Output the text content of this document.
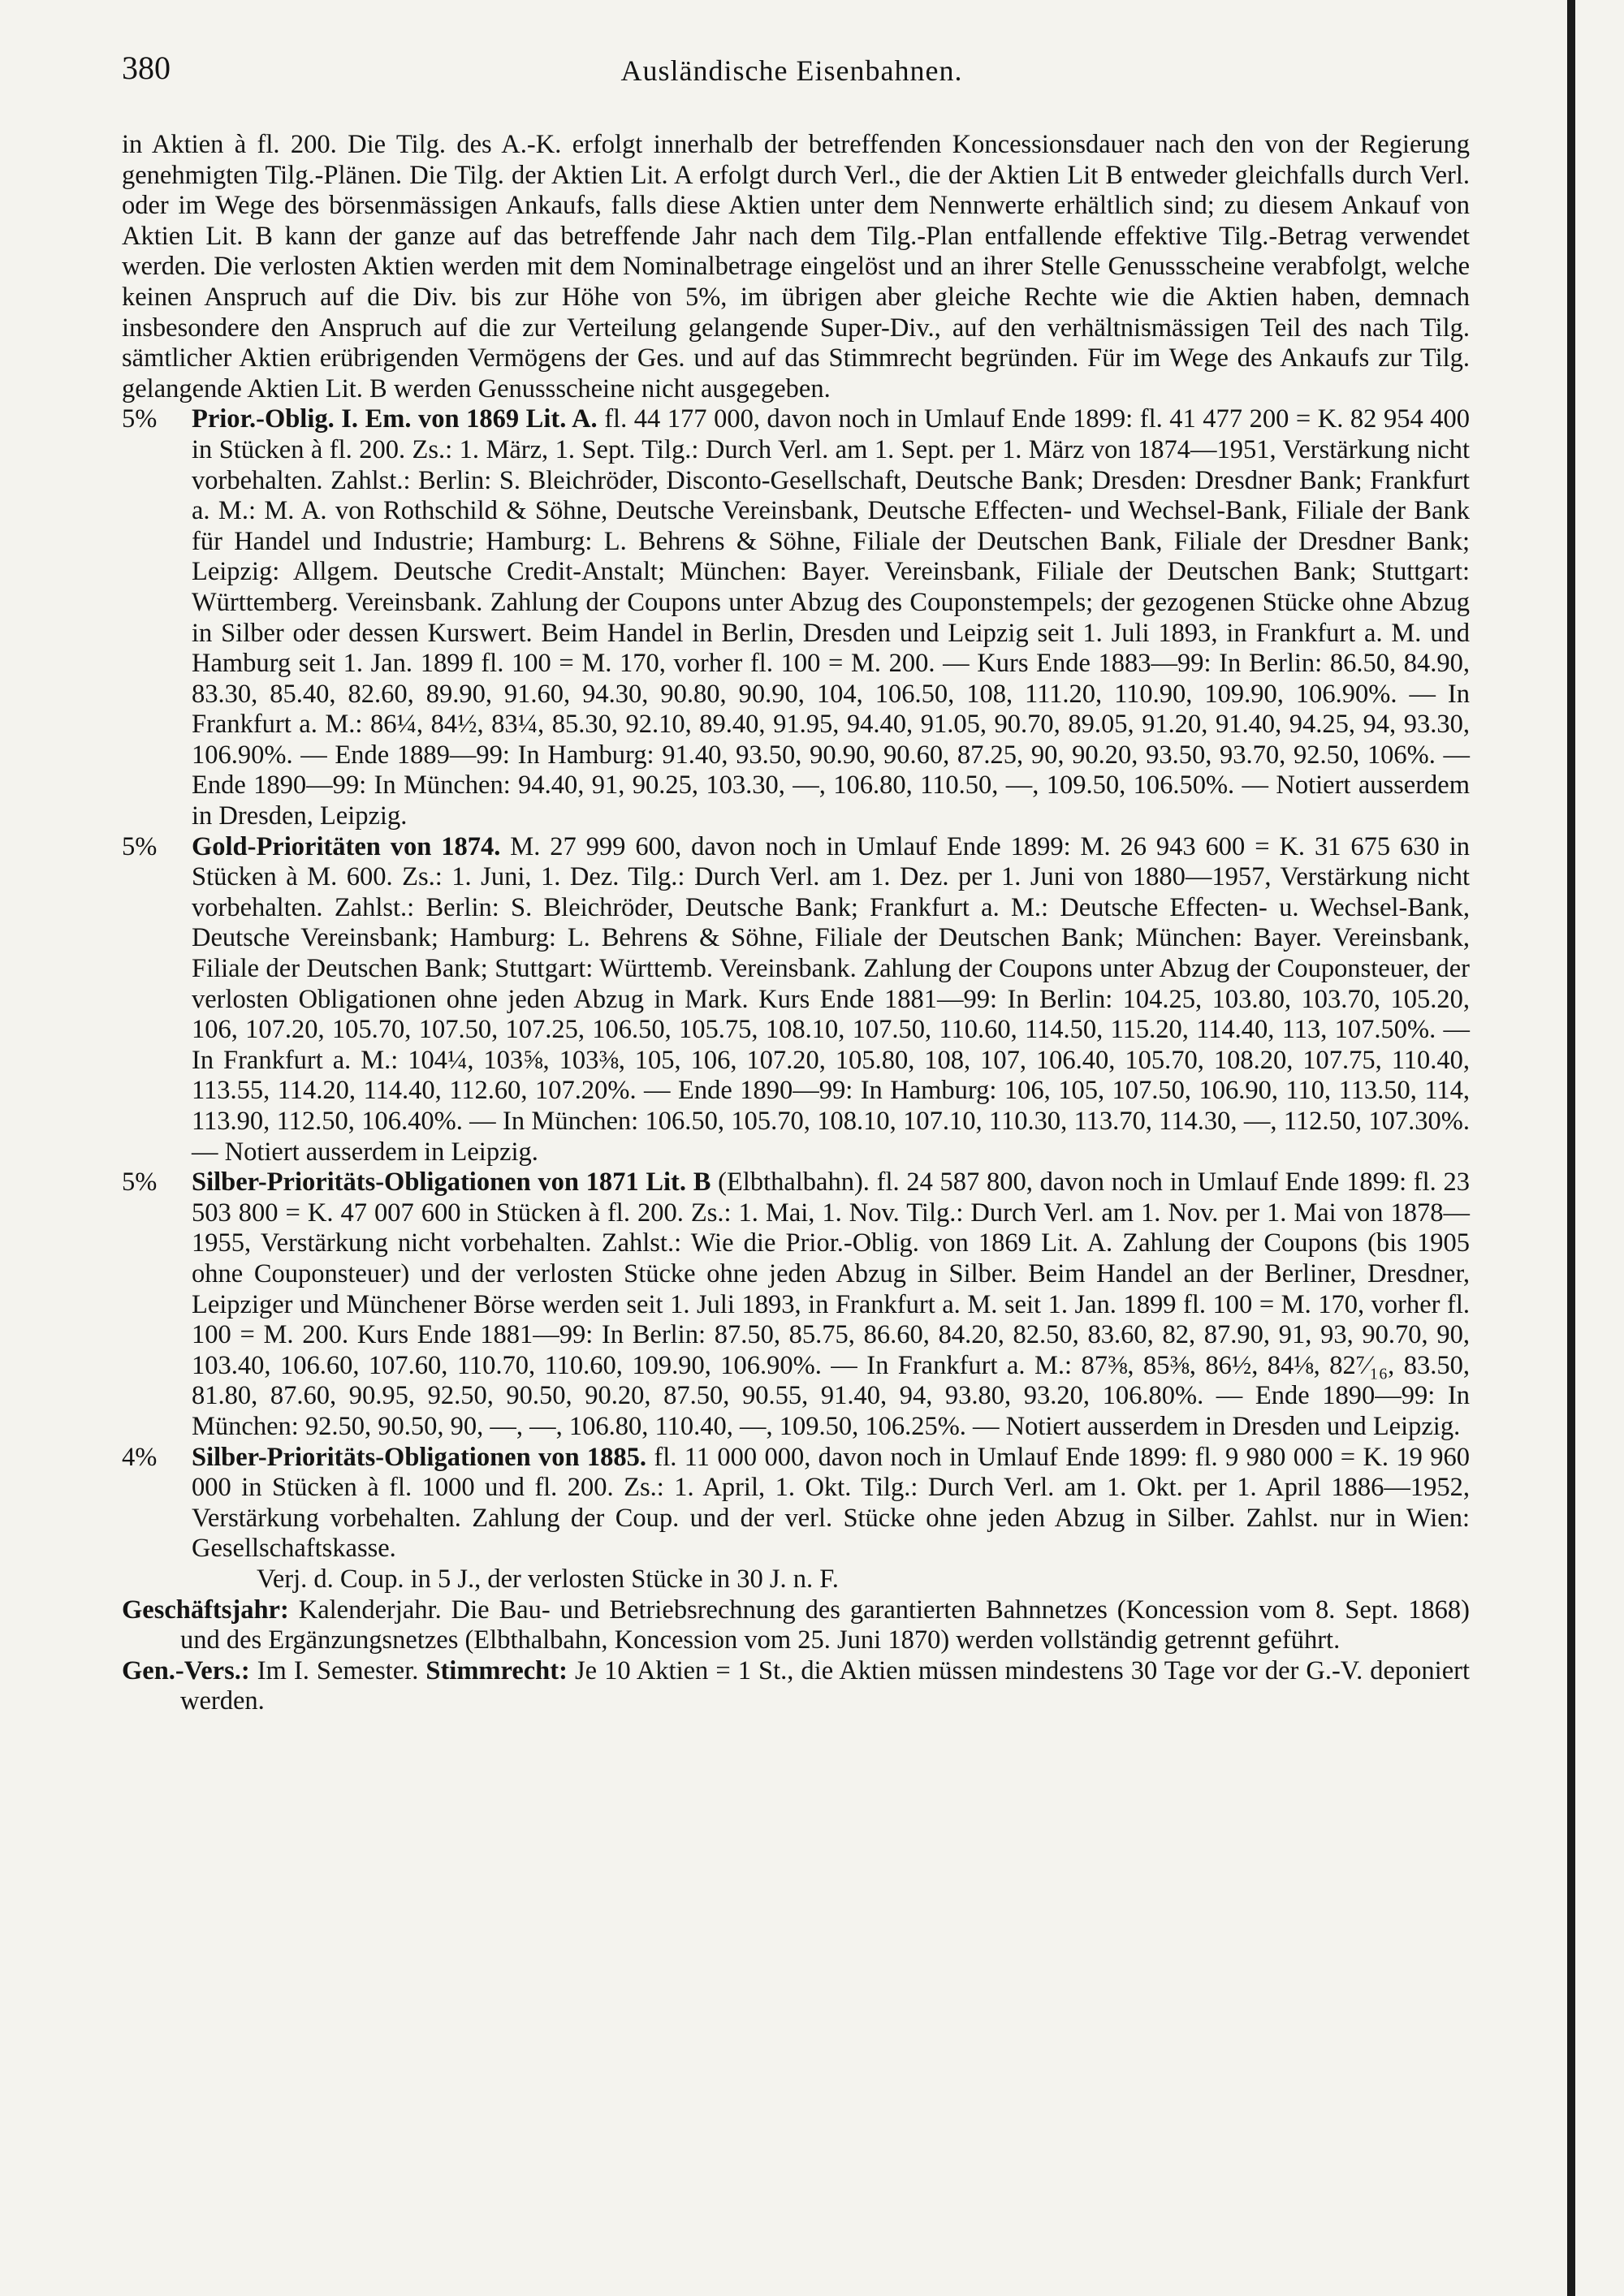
380	Ausländische Eisenbahnen.

in Aktien à fl. 200. Die Tilg. des A.-K. erfolgt innerhalb der betreffenden Koncessionsdauer nach den von der Regierung genehmigten Tilg.-Plänen. Die Tilg. der Aktien Lit. A erfolgt durch Verl., die der Aktien Lit B entweder gleichfalls durch Verl. oder im Wege des börsenmässigen Ankaufs, falls diese Aktien unter dem Nennwerte erhältlich sind; zu diesem Ankauf von Aktien Lit. B kann der ganze auf das betreffende Jahr nach dem Tilg.-Plan entfallende effektive Tilg.-Betrag verwendet werden. Die verlosten Aktien werden mit dem Nominalbetrage eingelöst und an ihrer Stelle Genussscheine verabfolgt, welche keinen Anspruch auf die Div. bis zur Höhe von 5%, im übrigen aber gleiche Rechte wie die Aktien haben, demnach insbesondere den Anspruch auf die zur Verteilung gelangende Super-Div., auf den verhältnismässigen Teil des nach Tilg. sämtlicher Aktien erübrigenden Vermögens der Ges. und auf das Stimmrecht begründen. Für im Wege des Ankaufs zur Tilg. gelangende Aktien Lit. B werden Genussscheine nicht ausgegeben.

5% Prior.-Oblig. I. Em. von 1869 Lit. A. fl. 44 177 000, davon noch in Umlauf Ende 1899: fl. 41 477 200 = K. 82 954 400 in Stücken à fl. 200. Zs.: 1. März, 1. Sept. Tilg.: Durch Verl. am 1. Sept. per 1. März von 1874—1951, Verstärkung nicht vorbehalten. Zahlst.: Berlin: S. Bleichröder, Disconto-Gesellschaft, Deutsche Bank; Dresden: Dresdner Bank; Frankfurt a. M.: M. A. von Rothschild & Söhne, Deutsche Vereinsbank, Deutsche Effecten- und Wechsel-Bank, Filiale der Bank für Handel und Industrie; Hamburg: L. Behrens & Söhne, Filiale der Deutschen Bank, Filiale der Dresdner Bank; Leipzig: Allgem. Deutsche Credit-Anstalt; München: Bayer. Vereinsbank, Filiale der Deutschen Bank; Stuttgart: Württemberg. Vereinsbank. Zahlung der Coupons unter Abzug des Couponstempels; der gezogenen Stücke ohne Abzug in Silber oder dessen Kurswert. Beim Handel in Berlin, Dresden und Leipzig seit 1. Juli 1893, in Frankfurt a. M. und Hamburg seit 1. Jan. 1899 fl. 100 = M. 170, vorher fl. 100 = M. 200. — Kurs Ende 1883—99: In Berlin: 86.50, 84.90, 83.30, 85.40, 82.60, 89.90, 91.60, 94.30, 90.80, 90.90, 104, 106.50, 108, 111.20, 110.90, 109.90, 106.90%. — In Frankfurt a. M.: 86¼, 84½, 83¼, 85.30, 92.10, 89.40, 91.95, 94.40, 91.05, 90.70, 89.05, 91.20, 91.40, 94.25, 94, 93.30, 106.90%. — Ende 1889—99: In Hamburg: 91.40, 93.50, 90.90, 90.60, 87.25, 90, 90.20, 93.50, 93.70, 92.50, 106%. — Ende 1890—99: In München: 94.40, 91, 90.25, 103.30, —, 106.80, 110.50, —, 109.50, 106.50%. — Notiert ausserdem in Dresden, Leipzig.

5% Gold-Prioritäten von 1874. M. 27 999 600, davon noch in Umlauf Ende 1899: M. 26 943 600 = K. 31 675 630 in Stücken à M. 600. Zs.: 1. Juni, 1. Dez. Tilg.: Durch Verl. am 1. Dez. per 1. Juni von 1880—1957, Verstärkung nicht vorbehalten. Zahlst.: Berlin: S. Bleichröder, Deutsche Bank; Frankfurt a. M.: Deutsche Effecten- u. Wechsel-Bank, Deutsche Vereinsbank; Hamburg: L. Behrens & Söhne, Filiale der Deutschen Bank; München: Bayer. Vereinsbank, Filiale der Deutschen Bank; Stuttgart: Württemb. Vereinsbank. Zahlung der Coupons unter Abzug der Couponsteuer, der verlosten Obligationen ohne jeden Abzug in Mark. Kurs Ende 1881—99: In Berlin: 104.25, 103.80, 103.70, 105.20, 106, 107.20, 105.70, 107.50, 107.25, 106.50, 105.75, 108.10, 107.50, 110.60, 114.50, 115.20, 114.40, 113, 107.50%. — In Frankfurt a. M.: 104¼, 103⅝, 103⅜, 105, 106, 107.20, 105.80, 108, 107, 106.40, 105.70, 108.20, 107.75, 110.40, 113.55, 114.20, 114.40, 112.60, 107.20%. — Ende 1890—99: In Hamburg: 106, 105, 107.50, 106.90, 110, 113.50, 114, 113.90, 112.50, 106.40%. — In München: 106.50, 105.70, 108.10, 107.10, 110.30, 113.70, 114.30, —, 112.50, 107.30%. — Notiert ausserdem in Leipzig.

5% Silber-Prioritäts-Obligationen von 1871 Lit. B (Elbthalbahn). fl. 24 587 800, davon noch in Umlauf Ende 1899: fl. 23 503 800 = K. 47 007 600 in Stücken à fl. 200. Zs.: 1. Mai, 1. Nov. Tilg.: Durch Verl. am 1. Nov. per 1. Mai von 1878—1955, Verstärkung nicht vorbehalten. Zahlst.: Wie die Prior.-Oblig. von 1869 Lit. A. Zahlung der Coupons (bis 1905 ohne Couponsteuer) und der verlosten Stücke ohne jeden Abzug in Silber. Beim Handel an der Berliner, Dresdner, Leipziger und Münchener Börse werden seit 1. Juli 1893, in Frankfurt a. M. seit 1. Jan. 1899 fl. 100 = M. 170, vorher fl. 100 = M. 200. Kurs Ende 1881—99: In Berlin: 87.50, 85.75, 86.60, 84.20, 82.50, 83.60, 82, 87.90, 91, 93, 90.70, 90, 103.40, 106.60, 107.60, 110.70, 110.60, 109.90, 106.90%. — In Frankfurt a. M.: 87⅜, 85⅜, 86½, 84⅛, 82⁷⁄₁₆, 83.50, 81.80, 87.60, 90.95, 92.50, 90.50, 90.20, 87.50, 90.55, 91.40, 94, 93.80, 93.20, 106.80%. — Ende 1890—99: In München: 92.50, 90.50, 90, —, —, 106.80, 110.40, —, 109.50, 106.25%. — Notiert ausserdem in Dresden und Leipzig.

4% Silber-Prioritäts-Obligationen von 1885. fl. 11 000 000, davon noch in Umlauf Ende 1899: fl. 9 980 000 = K. 19 960 000 in Stücken à fl. 1000 und fl. 200. Zs.: 1. April, 1. Okt. Tilg.: Durch Verl. am 1. Okt. per 1. April 1886—1952, Verstärkung vorbehalten. Zahlung der Coup. und der verl. Stücke ohne jeden Abzug in Silber. Zahlst. nur in Wien: Gesellschaftskasse.

Verj. d. Coup. in 5 J., der verlosten Stücke in 30 J. n. F.

Geschäftsjahr: Kalenderjahr. Die Bau- und Betriebsrechnung des garantierten Bahnnetzes (Koncession vom 8. Sept. 1868) und des Ergänzungsnetzes (Elbthalbahn, Koncession vom 25. Juni 1870) werden vollständig getrennt geführt.

Gen.-Vers.: Im I. Semester. Stimmrecht: Je 10 Aktien = 1 St., die Aktien müssen mindestens 30 Tage vor der G.-V. deponiert werden.
